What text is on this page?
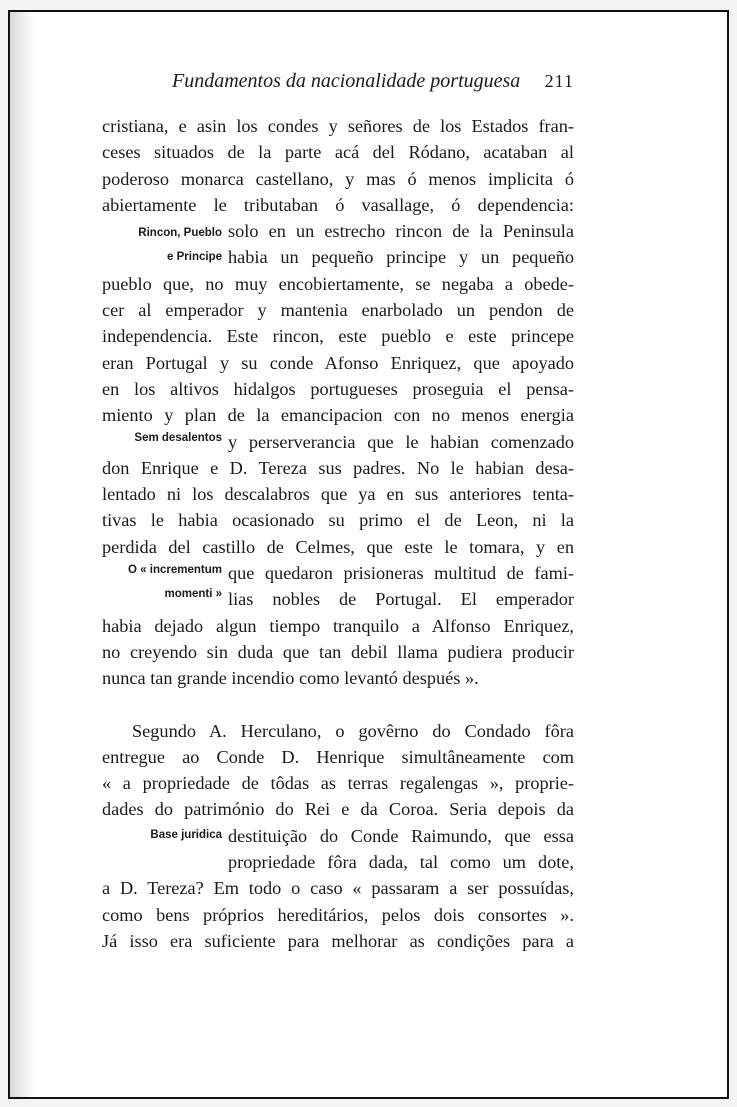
Fundamentos da nacionalidade portuguesa 211
Rincon, Pueblo
e Principe
Sem desalentos
O « incrementum
momenti »
Base juridica
cristiana, e asin los condes y señores de los Estados fran-
ceses situados de la parte acá del Ródano, acataban al
poderoso monarca castellano, y mas ó menos implicita ó
abiertamente le tributaban ó vasallage, ó dependencia:
solo en un estrecho rincon de la Peninsula
habia un pequeño principe y un pequeño
pueblo que, no muy encobiertamente, se negaba a obede-
cer al emperador y mantenia enarbolado un pendon de
independencia. Este rincon, este pueblo e este princepe
eran Portugal y su conde Afonso Enriquez, que apoyado
en los altivos hidalgos portugueses proseguia el pensa-
miento y plan de la emancipacion con no menos energia
y perserverancia que le habian comenzado
don Enrique e D. Tereza sus padres. No le habian desa-
lentado ni los descalabros que ya en sus anteriores tenta-
tivas le habia ocasionado su primo el de Leon, ni la
perdida del castillo de Celmes, que este le tomara, y en
que quedaron prisioneras multitud de fami-
lias nobles de Portugal. El emperador
habia dejado algun tiempo tranquilo a Alfonso Enriquez,
no creyendo sin duda que tan debil llama pudiera producir
nunca tan grande incendio como levantó después ».
Segundo A. Herculano, o govêrno do Condado fôra
entregue ao Conde D. Henrique simultâneamente com
« a propriedade de tôdas as terras regalengas », proprie-
dades do património do Rei e da Coroa. Seria depois da
destituição do Conde Raimundo, que essa
propriedade fôra dada, tal como um dote,
a D. Tereza? Em todo o caso « passaram a ser possuídas,
como bens próprios hereditários, pelos dois consortes ».
Já isso era suficiente para melhorar as condições para a
